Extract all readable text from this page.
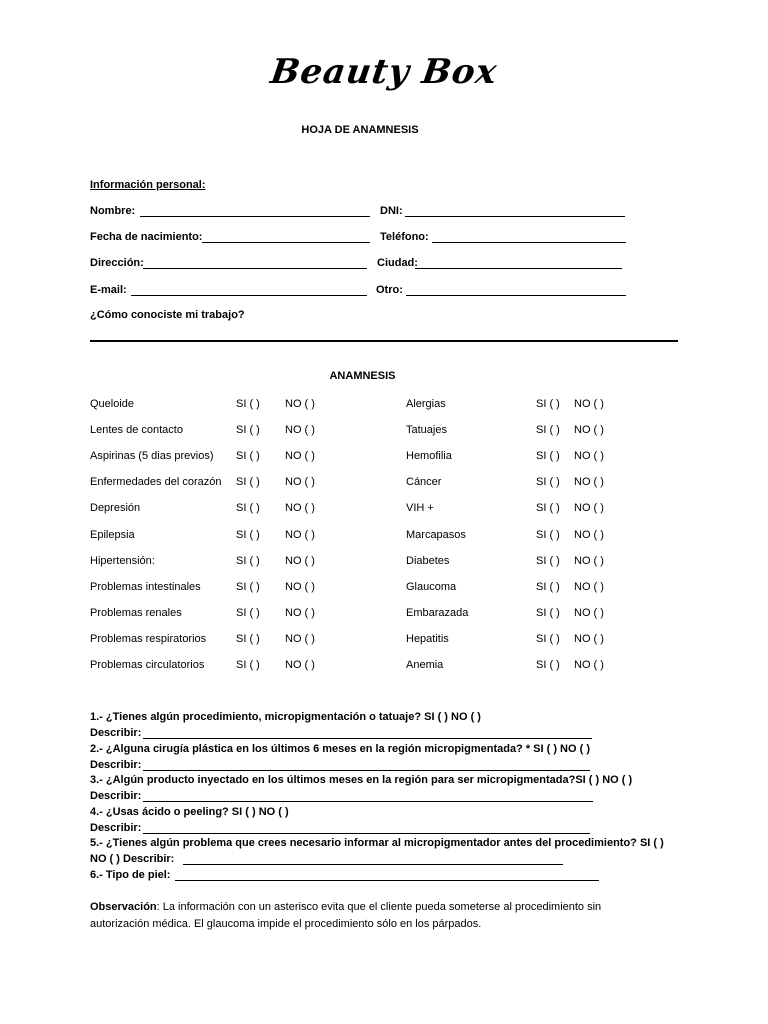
Beauty Box
HOJA DE ANAMNESIS
Información personal:
Nombre:	DNI:
Fecha de nacimiento:	Teléfono:
Dirección:	Ciudad:
E-mail:	Otro:
¿Cómo conociste mi trabajo?
ANAMNESIS
Queloide	SI ( ) NO ( )	Alergias	SI ( ) NO ( )
Lentes de contacto	SI ( ) NO ( )	Tatuajes	SI ( ) NO ( )
Aspirinas (5 dias previos) SI ( ) NO ( )	Hemofilia	SI ( ) NO ( )
Enfermedades del corazón SI ( ) NO ( )	Cáncer	SI ( ) NO ( )
Depresión	SI ( ) NO ( )	VIH +	SI ( ) NO ( )
Epilepsia	SI ( ) NO ( )	Marcapasos	SI ( ) NO ( )
Hipertensión:	SI ( ) NO ( )	Diabetes	SI ( ) NO ( )
Problemas intestinales	SI ( ) NO ( )	Glaucoma	SI ( ) NO ( )
Problemas renales	SI ( ) NO ( )	Embarazada	SI ( ) NO ( )
Problemas respiratorios	SI ( ) NO ( )	Hepatitis	SI ( ) NO ( )
Problemas circulatorios	SI ( ) NO ( )	Anemia	SI ( ) NO ( )
1.- ¿Tienes algún procedimiento, micropigmentación o tatuaje? SI ( ) NO ( )
Describir:
2.- ¿Alguna cirugía plástica en los últimos 6 meses en la región micropigmentada? * SI ( ) NO ( )
Describir:
3.- ¿Algún producto inyectado en los últimos meses en la región para ser micropigmentada?SI ( ) NO ( )
Describir:
4.- ¿Usas ácido o peeling? SI ( ) NO ( )
Describir:
5.- ¿Tienes algún problema que crees necesario informar al micropigmentador antes del procedimiento? SI ( )
NO ( ) Describir:
6.- Tipo de piel:
Observación: La información con un asterisco evita que el cliente pueda someterse al procedimiento sin autorización médica. El glaucoma impide el procedimiento sólo en los párpados.
